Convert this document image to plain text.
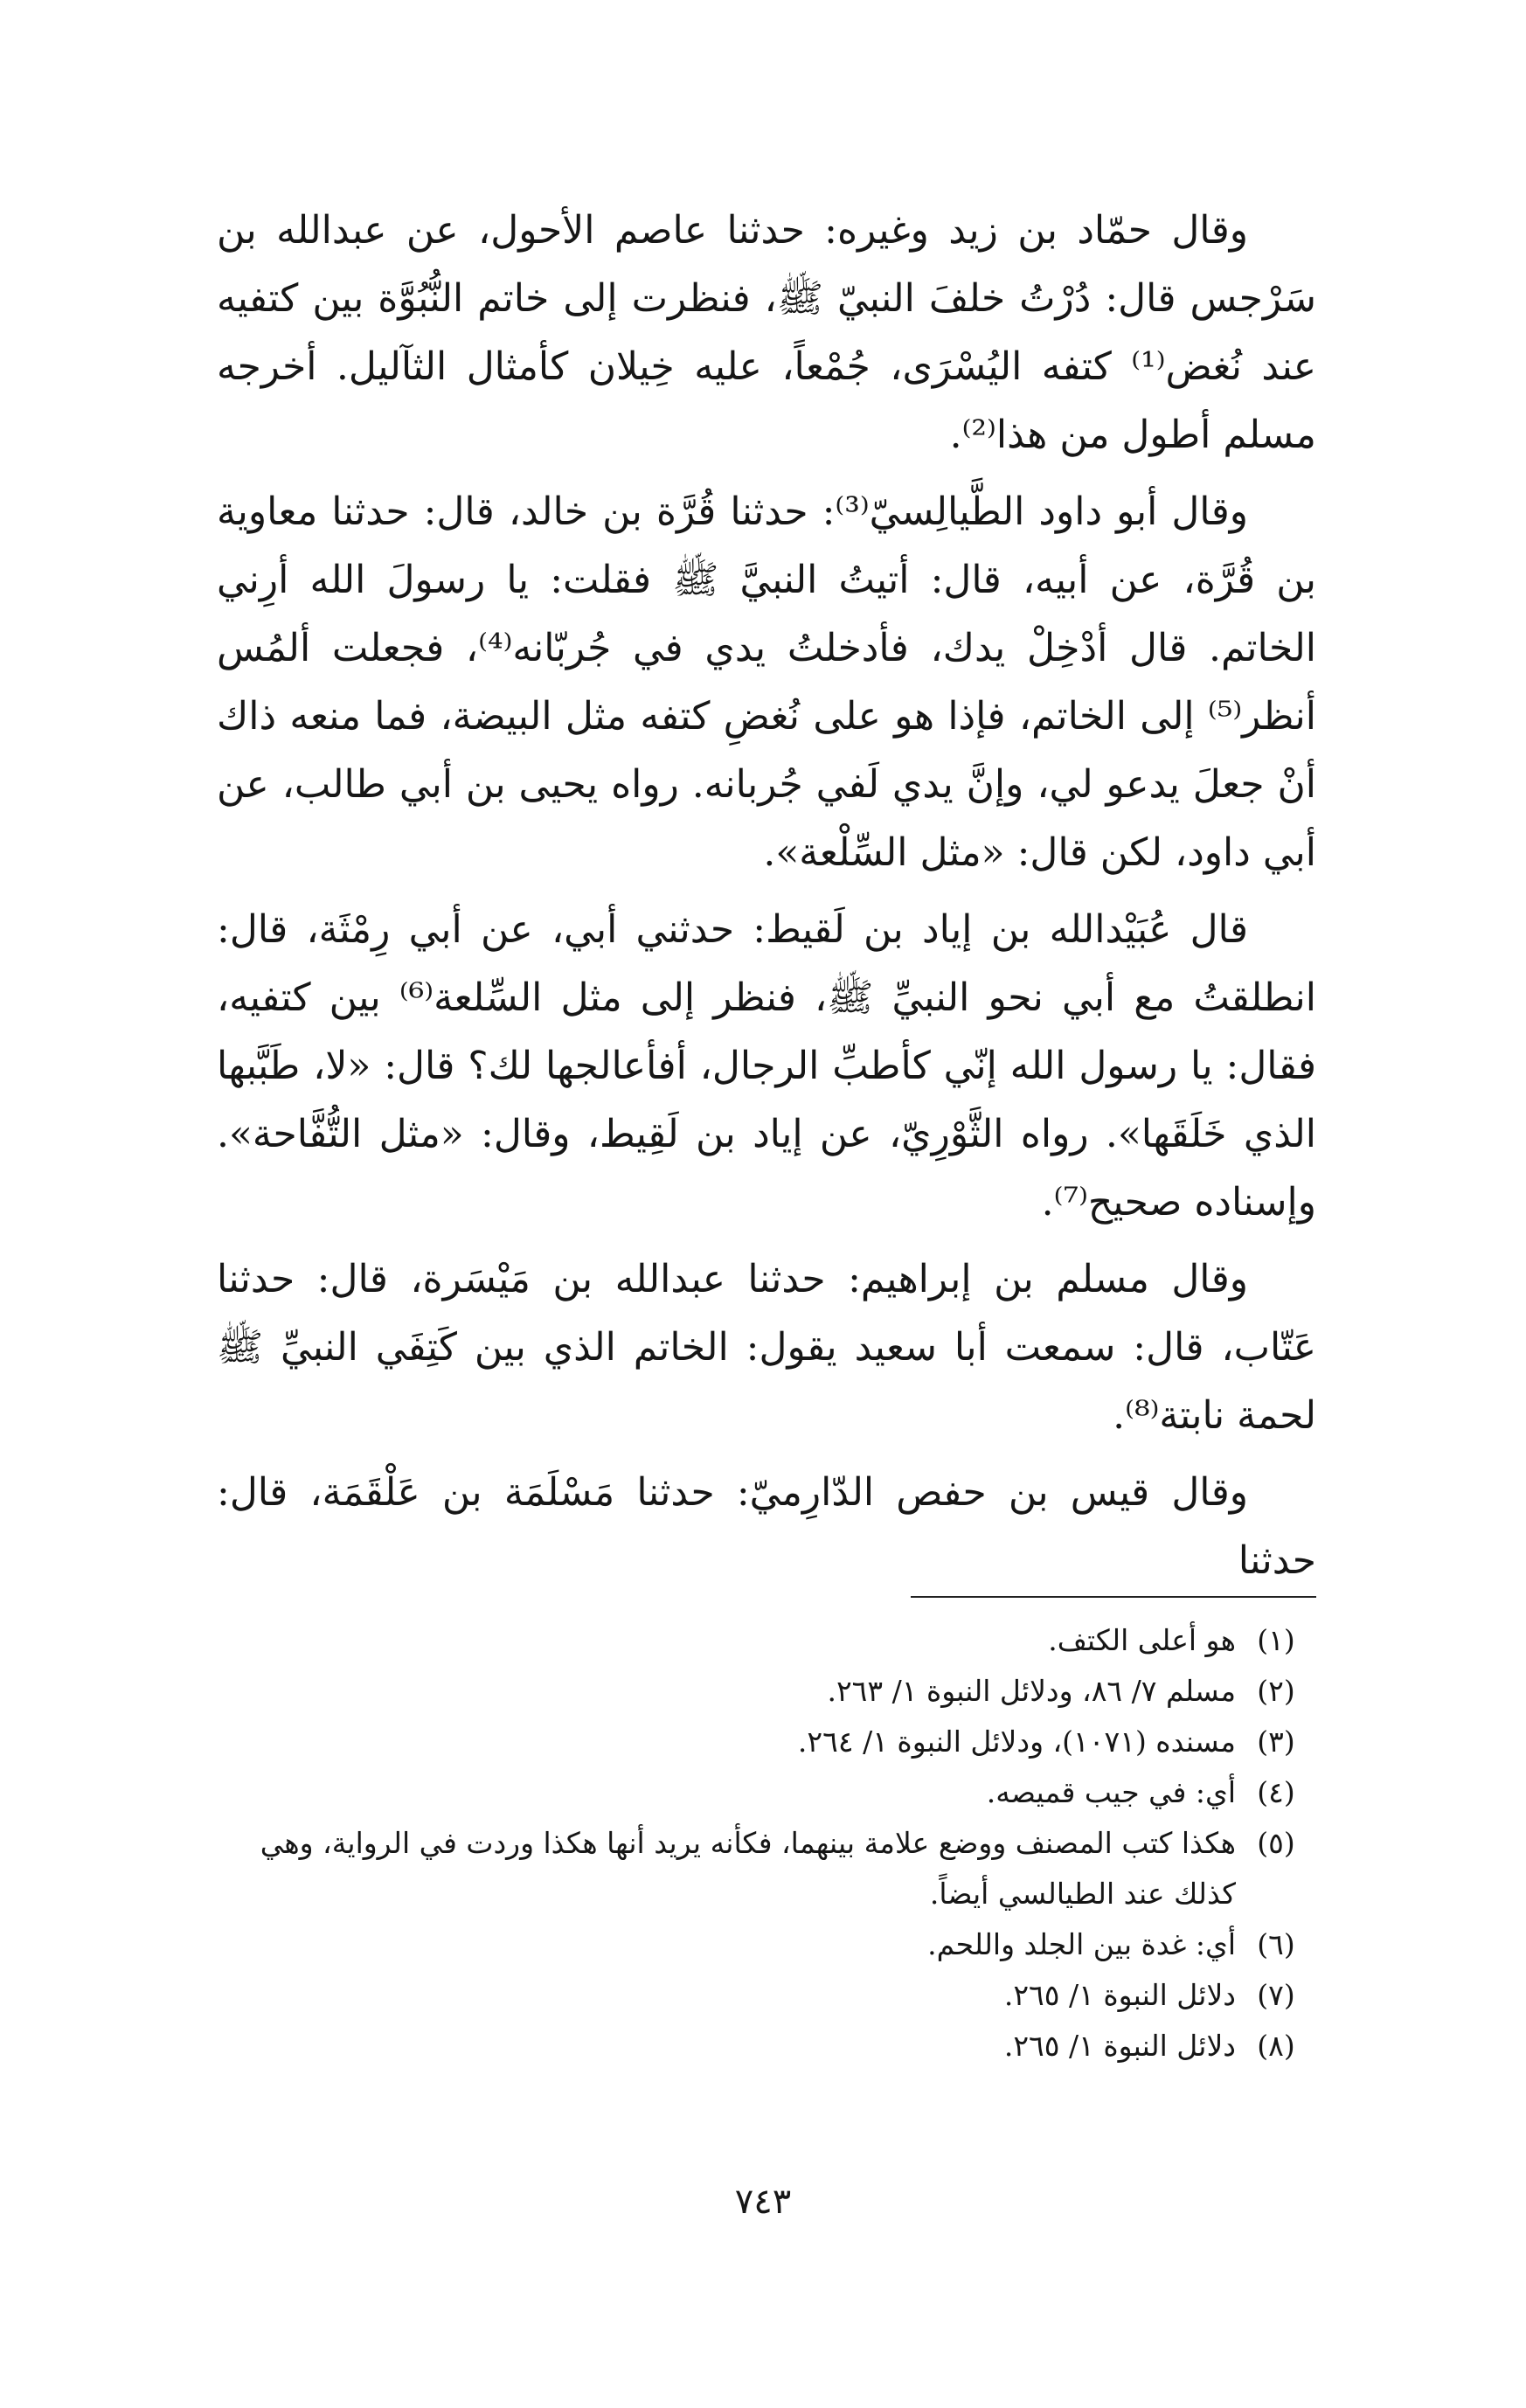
وقال حمّاد بن زيد وغيره: حدثنا عاصم الأحول، عن عبدالله بن سَرْجس قال: دُرْتُ خلفَ النبيّ ﷺ، فنظرت إلى خاتم النُّبُوَّة بين كتفيه عند نُغض⁽¹⁾ كتفه اليُسْرَى، جُمْعاً، عليه خِيلان كأمثال الثآليل. أخرجه مسلم أطول من هذا⁽²⁾.

وقال أبو داود الطَّيالِسيّ⁽³⁾: حدثنا قُرَّة بن خالد، قال: حدثنا معاوية بن قُرَّة، عن أبيه، قال: أتيتُ النبيَّ ﷺ فقلت: يا رسولَ الله أرِني الخاتم. قال أدْخِلْ يدك، فأدخلتُ يدي في جُربّانه⁽⁴⁾، فجعلت ألمُس أنظر⁽⁵⁾ إلى الخاتم، فإذا هو على نُغضِ كتفه مثل البيضة، فما منعه ذاك أنْ جعلَ يدعو لي، وإنَّ يدي لَفي جُربانه. رواه يحيى بن أبي طالب، عن أبي داود، لكن قال: «مثل السِّلْعة».

قال عُبَيْدالله بن إياد بن لَقيط: حدثني أبي، عن أبي رِمْثَة، قال: انطلقتُ مع أبي نحو النبيِّ ﷺ، فنظر إلى مثل السِّلعة⁽⁶⁾ بين كتفيه، فقال: يا رسول الله إنّي كأطبِّ الرجال، أفأعالجها لك؟ قال: «لا، طَبَّبها الذي خَلَقَها». رواه الثَّوْرِيّ، عن إياد بن لَقِيط، وقال: «مثل التُّفَّاحة». وإسناده صحيح⁽⁷⁾.

وقال مسلم بن إبراهيم: حدثنا عبدالله بن مَيْسَرة، قال: حدثنا عَتّاب، قال: سمعت أبا سعيد يقول: الخاتم الذي بين كَتِفَي النبيِّ ﷺ لحمة نابتة⁽⁸⁾.

وقال قيس بن حفص الدّارِميّ: حدثنا مَسْلَمَة بن عَلْقَمَة، قال: حدثنا

(١)
هو أعلى الكتف.
(٢)
مسلم ٧/ ٨٦، ودلائل النبوة ١/ ٢٦٣.
(٣)
مسنده (١٠٧١)، ودلائل النبوة ١/ ٢٦٤.
(٤)
أي: في جيب قميصه.
(٥)
هكذا كتب المصنف ووضع علامة بينهما، فكأنه يريد أنها هكذا وردت في الرواية، وهي كذلك عند الطيالسي أيضاً.
(٦)
أي: غدة بين الجلد واللحم.
(٧)
دلائل النبوة ١/ ٢٦٥.
(٨)
دلائل النبوة ١/ ٢٦٥.
٧٤٣
